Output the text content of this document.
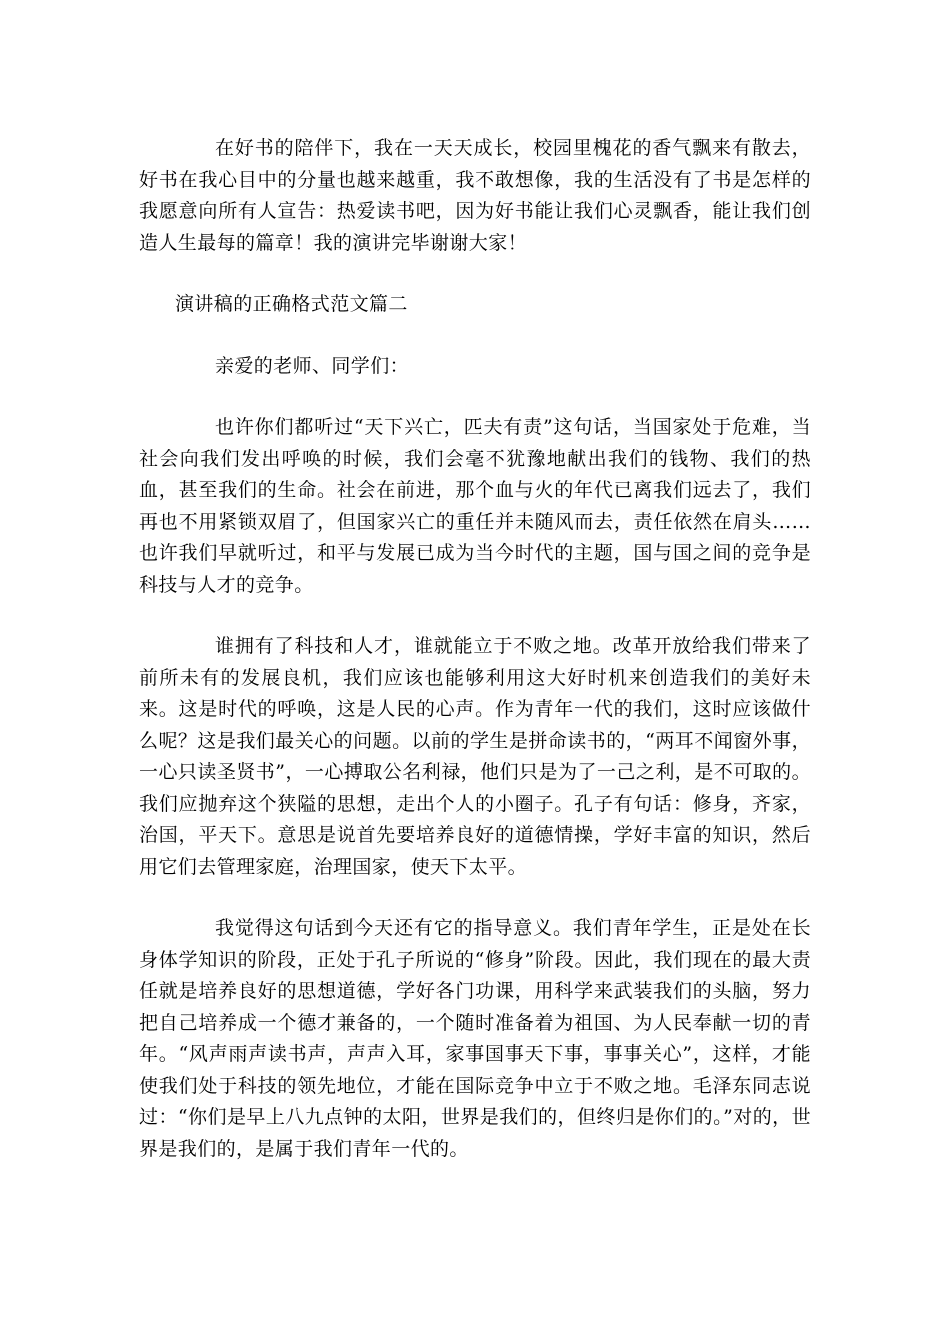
在好书的陪伴下，我在一天天成长，校园里槐花的香气飘来有散去，好书在我心目中的分量也越来越重，我不敢想像，我的生活没有了书是怎样的我愿意向所有人宣告：热爱读书吧，因为好书能让我们心灵飘香，能让我们创造人生最每的篇章！我的演讲完毕谢谢大家！

演讲稿的正确格式范文篇二

亲爱的老师、同学们：

也许你们都听过“天下兴亡，匹夫有责”这句话，当国家处于危难，当社会向我们发出呼唤的时候，我们会毫不犹豫地献出我们的钱物、我们的热血，甚至我们的生命。社会在前进，那个血与火的年代已离我们远去了，我们再也不用紧锁双眉了，但国家兴亡的重任并未随风而去，责任依然在肩头……也许我们早就听过，和平与发展已成为当今时代的主题，国与国之间的竞争是科技与人才的竞争。

谁拥有了科技和人才，谁就能立于不败之地。改革开放给我们带来了前所未有的发展良机，我们应该也能够利用这大好时机来创造我们的美好未来。这是时代的呼唤，这是人民的心声。作为青年一代的我们，这时应该做什么呢？这是我们最关心的问题。以前的学生是拼命读书的，“两耳不闻窗外事，一心只读圣贤书”，一心搏取公名利禄，他们只是为了一己之利，是不可取的。我们应抛弃这个狭隘的思想，走出个人的小圈子。孔子有句话：修身，齐家，治国，平天下。意思是说首先要培养良好的道德情操，学好丰富的知识，然后用它们去管理家庭，治理国家，使天下太平。

我觉得这句话到今天还有它的指导意义。我们青年学生，正是处在长身体学知识的阶段，正处于孔子所说的“修身”阶段。因此，我们现在的最大责任就是培养良好的思想道德，学好各门功课，用科学来武装我们的头脑，努力把自己培养成一个德才兼备的，一个随时准备着为祖国、为人民奉献一切的青年。“风声雨声读书声，声声入耳，家事国事天下事，事事关心”，这样，才能使我们处于科技的领先地位，才能在国际竞争中立于不败之地。毛泽东同志说过：“你们是早上八九点钟的太阳，世界是我们的，但终归是你们的。”对的，世界是我们的，是属于我们青年一代的。
